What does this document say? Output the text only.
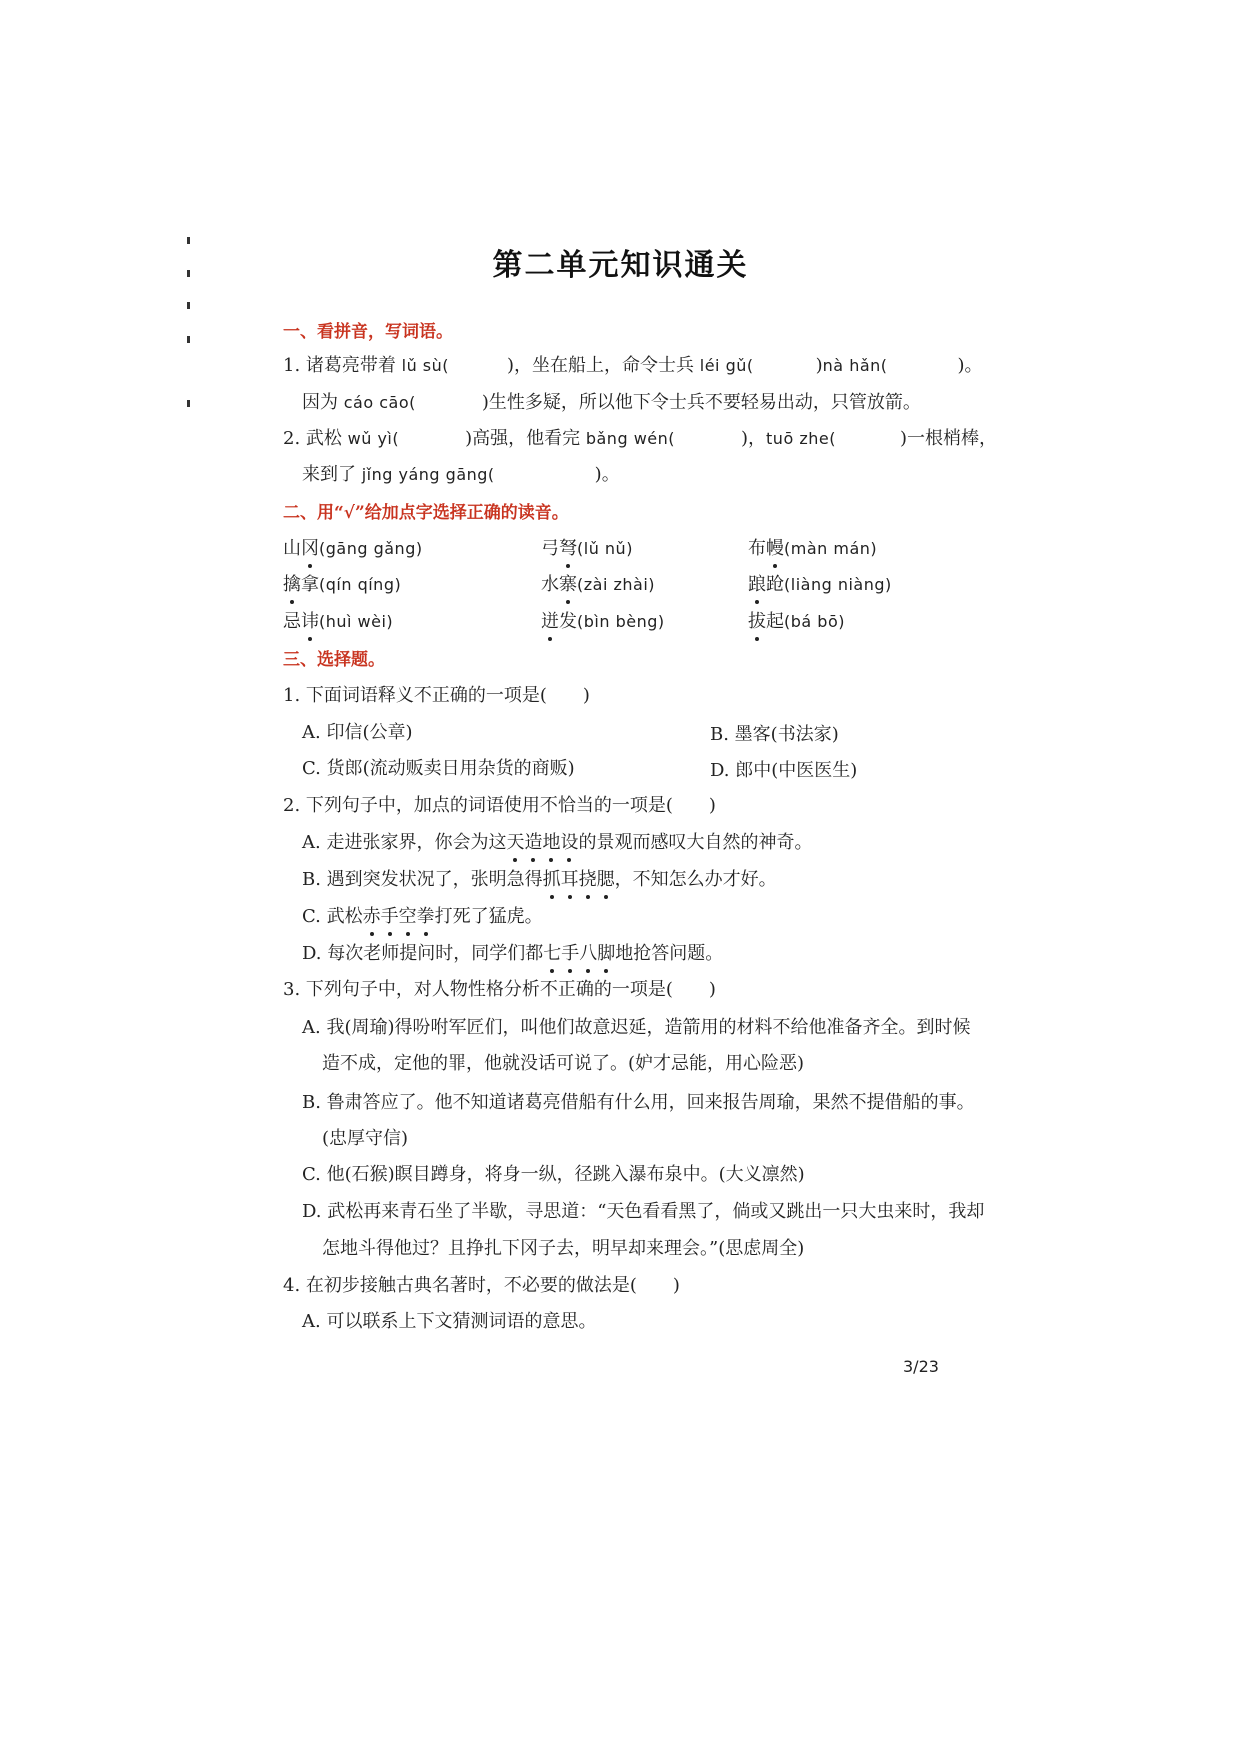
第二单元知识通关
一、看拼音，写词语。
1. 诸葛亮带着 lǔ sù(	)，坐在船上，命令士兵 léi gǔ(	)nà hǎn(	)。
因为 cáo cāo(	)生性多疑，所以他下令士兵不要轻易出动，只管放箭。
2. 武松 wǔ yì(	)高强，他看完 bǎng wén(	)，tuō zhe(	)一根梢棒，
来到了 jǐng yáng gāng(	)。
二、用“√”给加点字选择正确的读音。
山冈(gāng gǎng)	弓弩(lǔ nǔ)	布幔(màn mán)
擒拿(qín qíng)	水寨(zài zhài)	踉跄(liàng niàng)
忌讳(huì wèi)	迸发(bìn bèng)	拔起(bá bō)
三、选择题。
1. 下面词语释义不正确的一项是(　　)
A. 印信(公章)	B. 墨客(书法家)
C. 货郎(流动贩卖日用杂货的商贩)	D. 郎中(中医医生)
2. 下列句子中，加点的词语使用不恰当的一项是(　　)
A. 走进张家界，你会为这天造地设的景观而感叹大自然的神奇。
B. 遇到突发状况了，张明急得抓耳挠腮，不知怎么办才好。
C. 武松赤手空拳打死了猛虎。
D. 每次老师提问时，同学们都七手八脚地抢答问题。
3. 下列句子中，对人物性格分析不正确的一项是(　　)
A. 我(周瑜)得吩咐军匠们，叫他们故意迟延，造箭用的材料不给他准备齐全。到时候
造不成，定他的罪，他就没话可说了。(妒才忌能，用心险恶)
B. 鲁肃答应了。他不知道诸葛亮借船有什么用，回来报告周瑜，果然不提借船的事。
(忠厚守信)
C. 他(石猴)瞑目蹲身，将身一纵，径跳入瀑布泉中。(大义凛然)
D. 武松再来青石坐了半歇，寻思道：“天色看看黑了，倘或又跳出一只大虫来时，我却
怎地斗得他过？且挣扎下冈子去，明早却来理会。”(思虑周全)
4. 在初步接触古典名著时，不必要的做法是(　　)
A. 可以联系上下文猜测词语的意思。
3/23
